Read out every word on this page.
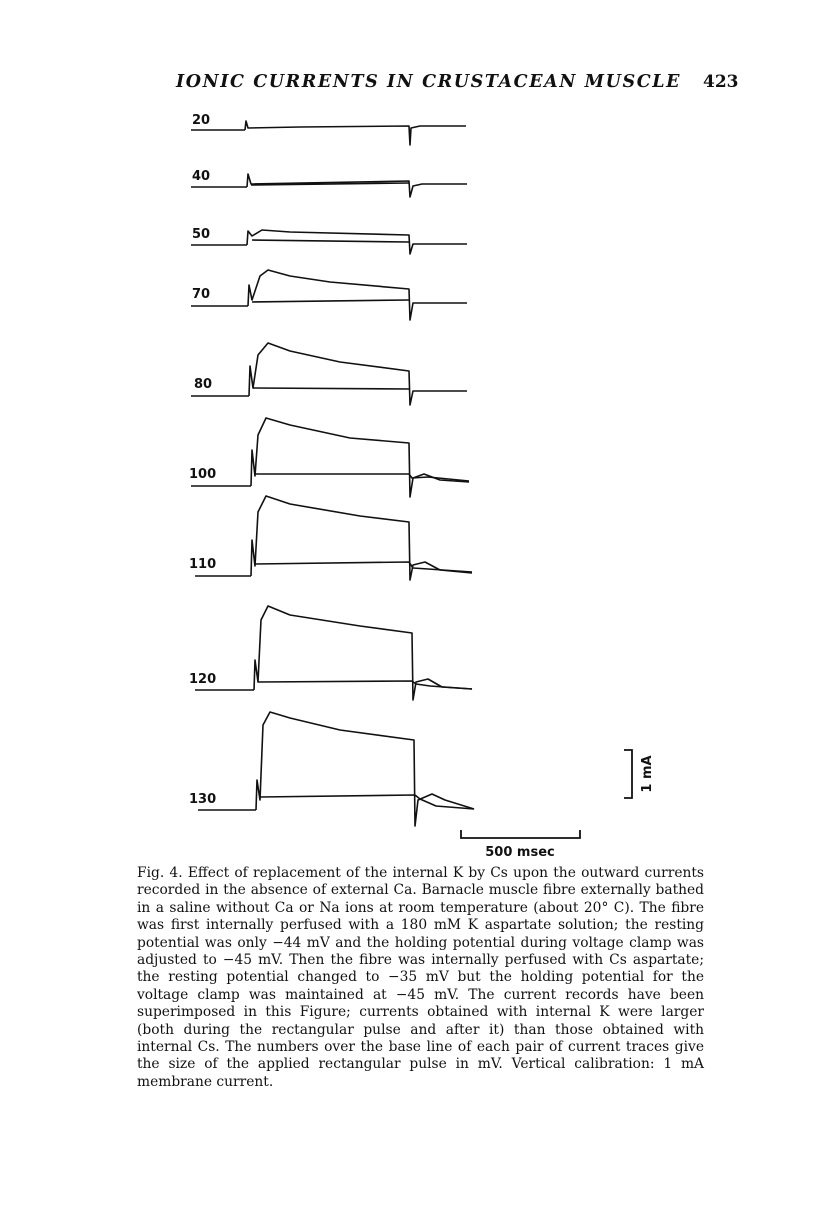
IONIC CURRENTS IN CRUSTACEAN MUSCLE 423
20
40
50
70
80
100
110
120
130
1 mA
500 msec

Fig. 4. Effect of replacement of the internal K by Cs upon the outward currents recorded in the absence of external Ca. Barnacle muscle fibre externally bathed in a saline without Ca or Na ions at room temperature (about 20° C). The fibre was first internally perfused with a 180 mM K aspartate solution; the resting potential was only −44 mV and the holding potential during voltage clamp was adjusted to −45 mV. Then the fibre was internally perfused with Cs aspartate; the resting potential changed to −35 mV but the holding potential for the voltage clamp was maintained at −45 mV. The current records have been superimposed in this Figure; currents obtained with internal K were larger (both during the rectangular pulse and after it) than those obtained with internal Cs. The numbers over the base line of each pair of current traces give the size of the applied rectangular pulse in mV. Vertical calibration: 1 mA membrane current.
